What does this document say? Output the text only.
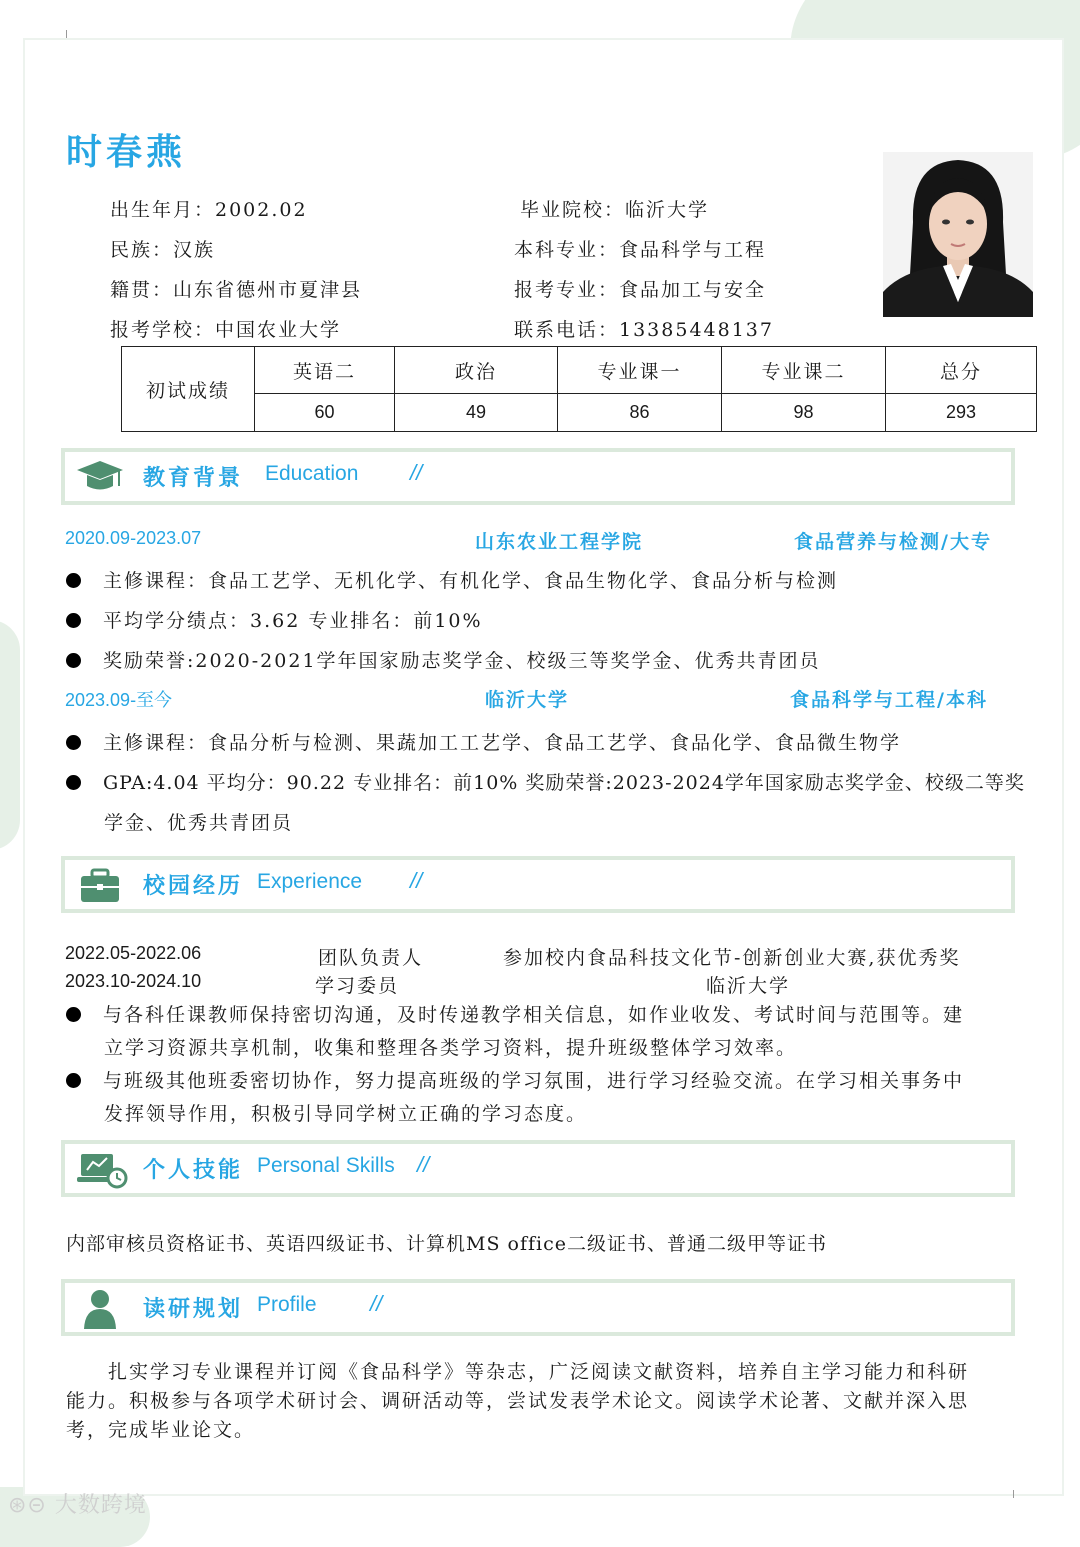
时春燕
出生年月：2002.02
民族：汉族
籍贯：山东省德州市夏津县
报考学校：中国农业大学
毕业院校：临沂大学
本科专业：食品科学与工程
报考专业：食品加工与安全
联系电话：13385448137
初试成绩	英语二	政治	专业课一	专业课二	总分
	60	49	86	98	293
教育背景 Education //
2020.09-2023.07	山东农业工程学院	食品营养与检测/大专
主修课程：食品工艺学、无机化学、有机化学、食品生物化学、食品分析与检测
平均学分绩点：3.62 专业排名：前10%
奖励荣誉:2020-2021学年国家励志奖学金、校级三等奖学金、优秀共青团员
2023.09-至今	临沂大学	食品科学与工程/本科
主修课程：食品分析与检测、果蔬加工工艺学、食品工艺学、食品化学、食品微生物学
GPA:4.04 平均分：90.22 专业排名：前10% 奖励荣誉:2023-2024学年国家励志奖学金、校级二等奖
学金、优秀共青团员
校园经历 Experience //
2022.05-2022.06	团队负责人	参加校内食品科技文化节-创新创业大赛,获优秀奖
2023.10-2024.10	学习委员	临沂大学
与各科任课教师保持密切沟通，及时传递教学相关信息，如作业收发、考试时间与范围等。建
立学习资源共享机制，收集和整理各类学习资料，提升班级整体学习效率。
与班级其他班委密切协作，努力提高班级的学习氛围，进行学习经验交流。在学习相关事务中
发挥领导作用，积极引导同学树立正确的学习态度。
个人技能 Personal Skills //
内部审核员资格证书、英语四级证书、计算机MS office二级证书、普通二级甲等证书
读研规划 Profile //
扎实学习专业课程并订阅《食品科学》等杂志，广泛阅读文献资料，培养自主学习能力和科研
能力。积极参与各项学术研讨会、调研活动等，尝试发表学术论文。阅读学术论著、文献并深入思
考，完成毕业论文。
⊛⊝ 大数跨境
